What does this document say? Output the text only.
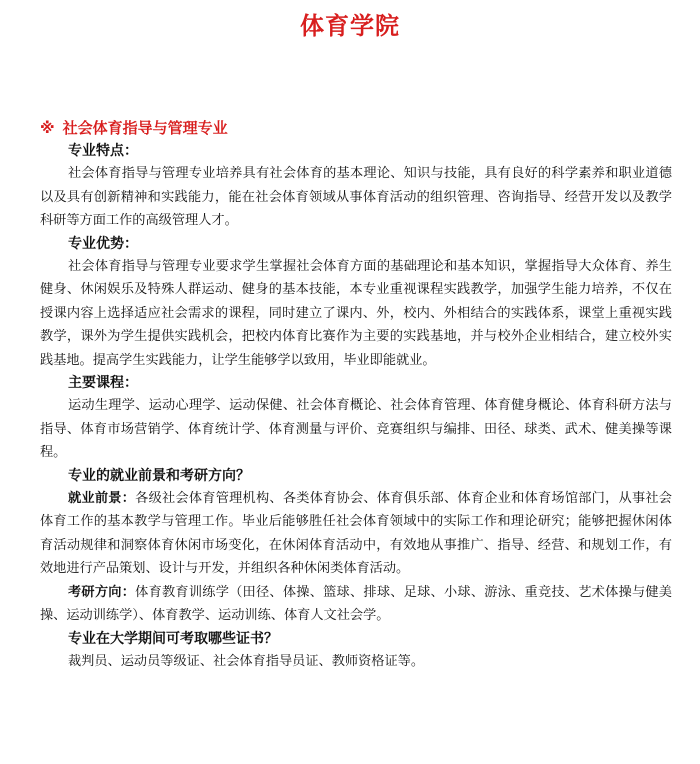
体育学院

※ 社会体育指导与管理专业

专业特点：

社会体育指导与管理专业培养具有社会体育的基本理论、知识与技能，具有良好的科学素养和职业道德以及具有创新精神和实践能力，能在社会体育领域从事体育活动的组织管理、咨询指导、经营开发以及教学科研等方面工作的高级管理人才。

专业优势：

社会体育指导与管理专业要求学生掌握社会体育方面的基础理论和基本知识，掌握指导大众体育、养生健身、休闲娱乐及特殊人群运动、健身的基本技能，本专业重视课程实践教学，加强学生能力培养，不仅在授课内容上选择适应社会需求的课程，同时建立了课内、外，校内、外相结合的实践体系，课堂上重视实践教学，课外为学生提供实践机会，把校内体育比赛作为主要的实践基地，并与校外企业相结合，建立校外实践基地。提高学生实践能力，让学生能够学以致用，毕业即能就业。

主要课程：

运动生理学、运动心理学、运动保健、社会体育概论、社会体育管理、体育健身概论、体育科研方法与指导、体育市场营销学、体育统计学、体育测量与评价、竞赛组织与编排、田径、球类、武术、健美操等课程。

专业的就业前景和考研方向？

就业前景：各级社会体育管理机构、各类体育协会、体育俱乐部、体育企业和体育场馆部门，从事社会体育工作的基本教学与管理工作。毕业后能够胜任社会体育领域中的实际工作和理论研究；能够把握休闲体育活动规律和洞察体育休闲市场变化，在休闲体育活动中，有效地从事推广、指导、经营、和规划工作，有效地进行产品策划、设计与开发，并组织各种休闲类体育活动。

考研方向：体育教育训练学（田径、体操、篮球、排球、足球、小球、游泳、重竞技、艺术体操与健美操、运动训练学）、体育教学、运动训练、体育人文社会学。

专业在大学期间可考取哪些证书？

裁判员、运动员等级证、社会体育指导员证、教师资格证等。
